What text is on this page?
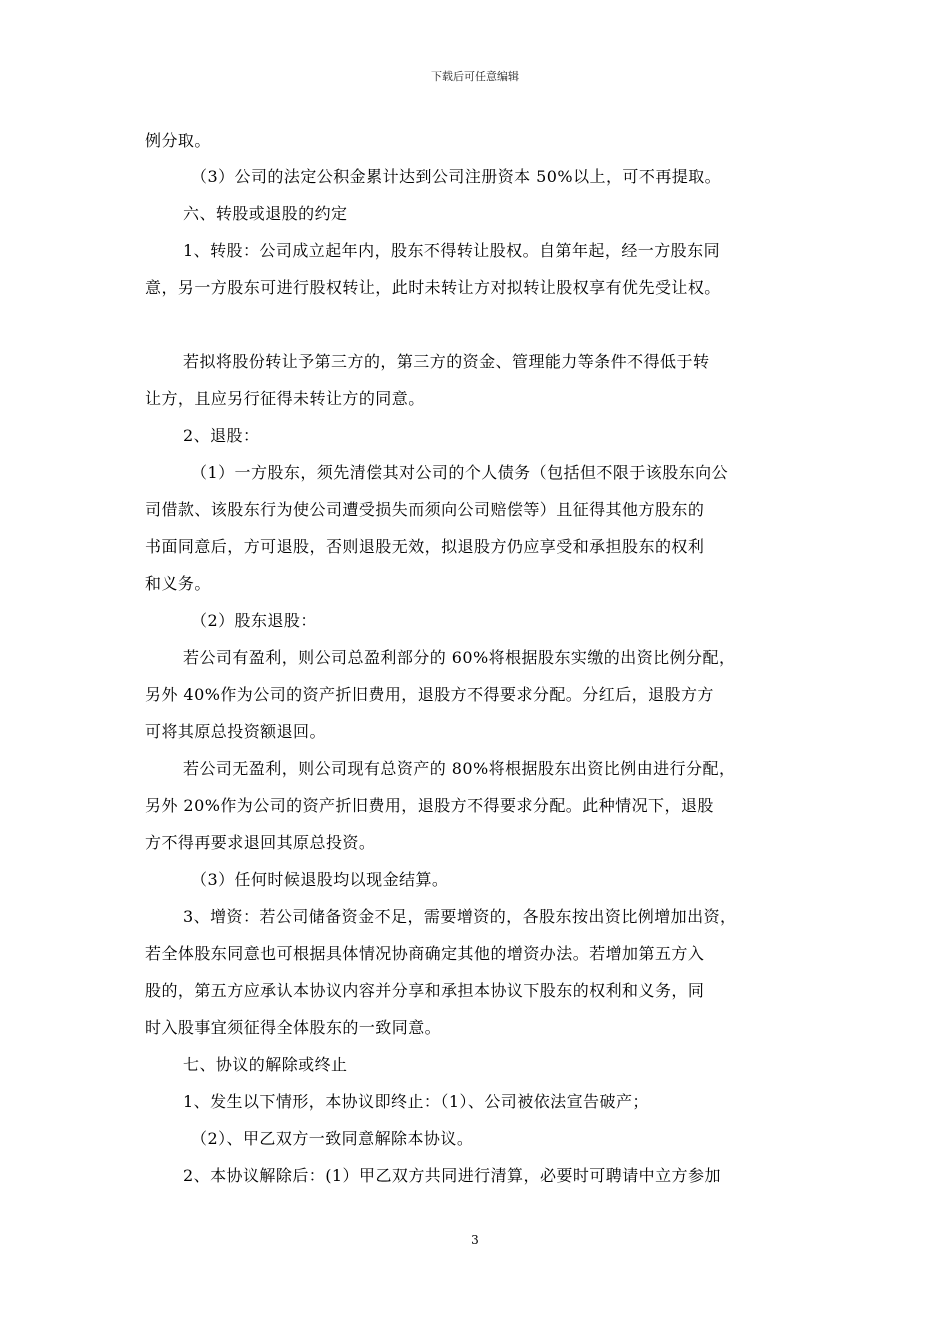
下载后可任意编辑
例分取。
（3）公司的法定公积金累计达到公司注册资本 50%以上，可不再提取。
六、转股或退股的约定
1、转股：公司成立起年内，股东不得转让股权。自第年起，经一方股东同
意，另一方股东可进行股权转让，此时未转让方对拟转让股权享有优先受让权。
若拟将股份转让予第三方的，第三方的资金、管理能力等条件不得低于转
让方，且应另行征得未转让方的同意。
2、退股：
（1）一方股东，须先清偿其对公司的个人债务（包括但不限于该股东向公
司借款、该股东行为使公司遭受损失而须向公司赔偿等）且征得其他方股东的
书面同意后，方可退股，否则退股无效，拟退股方仍应享受和承担股东的权利
和义务。
（2）股东退股：
若公司有盈利，则公司总盈利部分的 60%将根据股东实缴的出资比例分配，
另外 40%作为公司的资产折旧费用，退股方不得要求分配。分红后，退股方方
可将其原总投资额退回。
若公司无盈利，则公司现有总资产的 80%将根据股东出资比例由进行分配，
另外 20%作为公司的资产折旧费用，退股方不得要求分配。此种情况下，退股
方不得再要求退回其原总投资。
（3）任何时候退股均以现金结算。
3、增资：若公司储备资金不足，需要增资的，各股东按出资比例增加出资，
若全体股东同意也可根据具体情况协商确定其他的增资办法。若增加第五方入
股的，第五方应承认本协议内容并分享和承担本协议下股东的权利和义务，同
时入股事宜须征得全体股东的一致同意。
七、协议的解除或终止
1、发生以下情形，本协议即终止：（1）、公司被依法宣告破产；
（2）、甲乙双方一致同意解除本协议。
2、本协议解除后：(1）甲乙双方共同进行清算，必要时可聘请中立方参加
3
